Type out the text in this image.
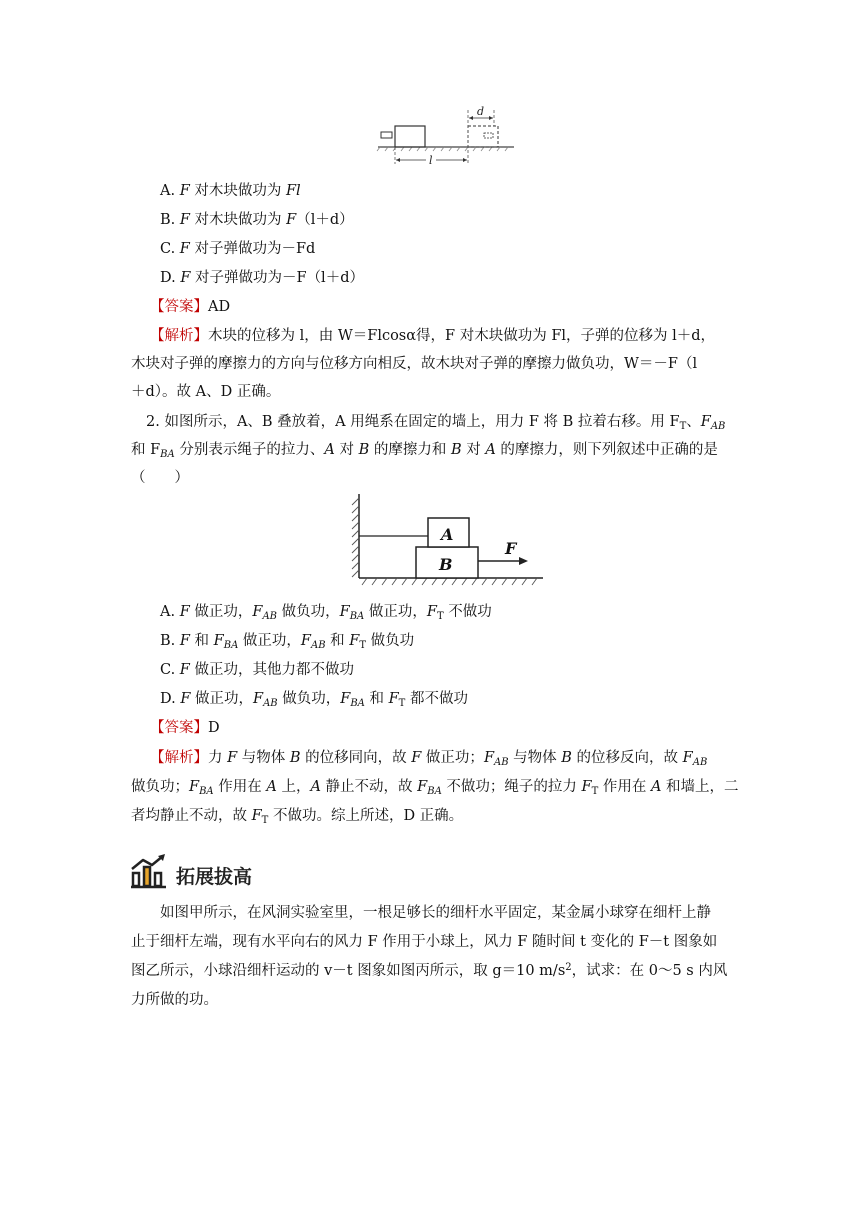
d
l
A. F 对木块做功为 Fl
B. F 对木块做功为 F（l＋d）
C. F 对子弹做功为－Fd
D. F 对子弹做功为－F（l＋d）
【答案】AD
【解析】木块的位移为 l，由 W＝Flcosα得，F 对木块做功为 Fl，子弹的位移为 l＋d，
木块对子弹的摩擦力的方向与位移方向相反，故木块对子弹的摩擦力做负功，W＝－F（l
＋d）。故 A、D 正确。
2. 如图所示，A、B 叠放着，A 用绳系在固定的墙上，用力 F 将 B 拉着右移。用 $F_T$、$F_{AB}$
和 $F_{BA}$ 分别表示绳子的拉力、A 对 B 的摩擦力和 B 对 A 的摩擦力，则下列叙述中正确的是
（　　）
A
B
F
A. F 做正功，$F_{AB}$ 做负功，$F_{BA}$ 做正功，$F_T$ 不做功
B. F 和 $F_{BA}$ 做正功，$F_{AB}$ 和 $F_T$ 做负功
C. F 做正功，其他力都不做功
D. F 做正功，$F_{AB}$ 做负功，$F_{BA}$ 和 $F_T$ 都不做功
【答案】D
【解析】力 F 与物体 B 的位移同向，故 F 做正功；$F_{AB}$ 与物体 B 的位移反向，故 $F_{AB}$
做负功；$F_{BA}$ 作用在 A 上，A 静止不动，故 $F_{BA}$ 不做功；绳子的拉力 $F_T$ 作用在 A 和墙上，二
者均静止不动，故 $F_T$ 不做功。综上所述，D 正确。
拓展拔高
如图甲所示，在风洞实验室里，一根足够长的细杆水平固定，某金属小球穿在细杆上静
止于细杆左端，现有水平向右的风力 F 作用于小球上，风力 F 随时间 t 变化的 F－t 图象如
图乙所示，小球沿细杆运动的 v－t 图象如图丙所示，取 g＝10 $m/s^2$，试求：在 0～5 s 内风
力所做的功。
